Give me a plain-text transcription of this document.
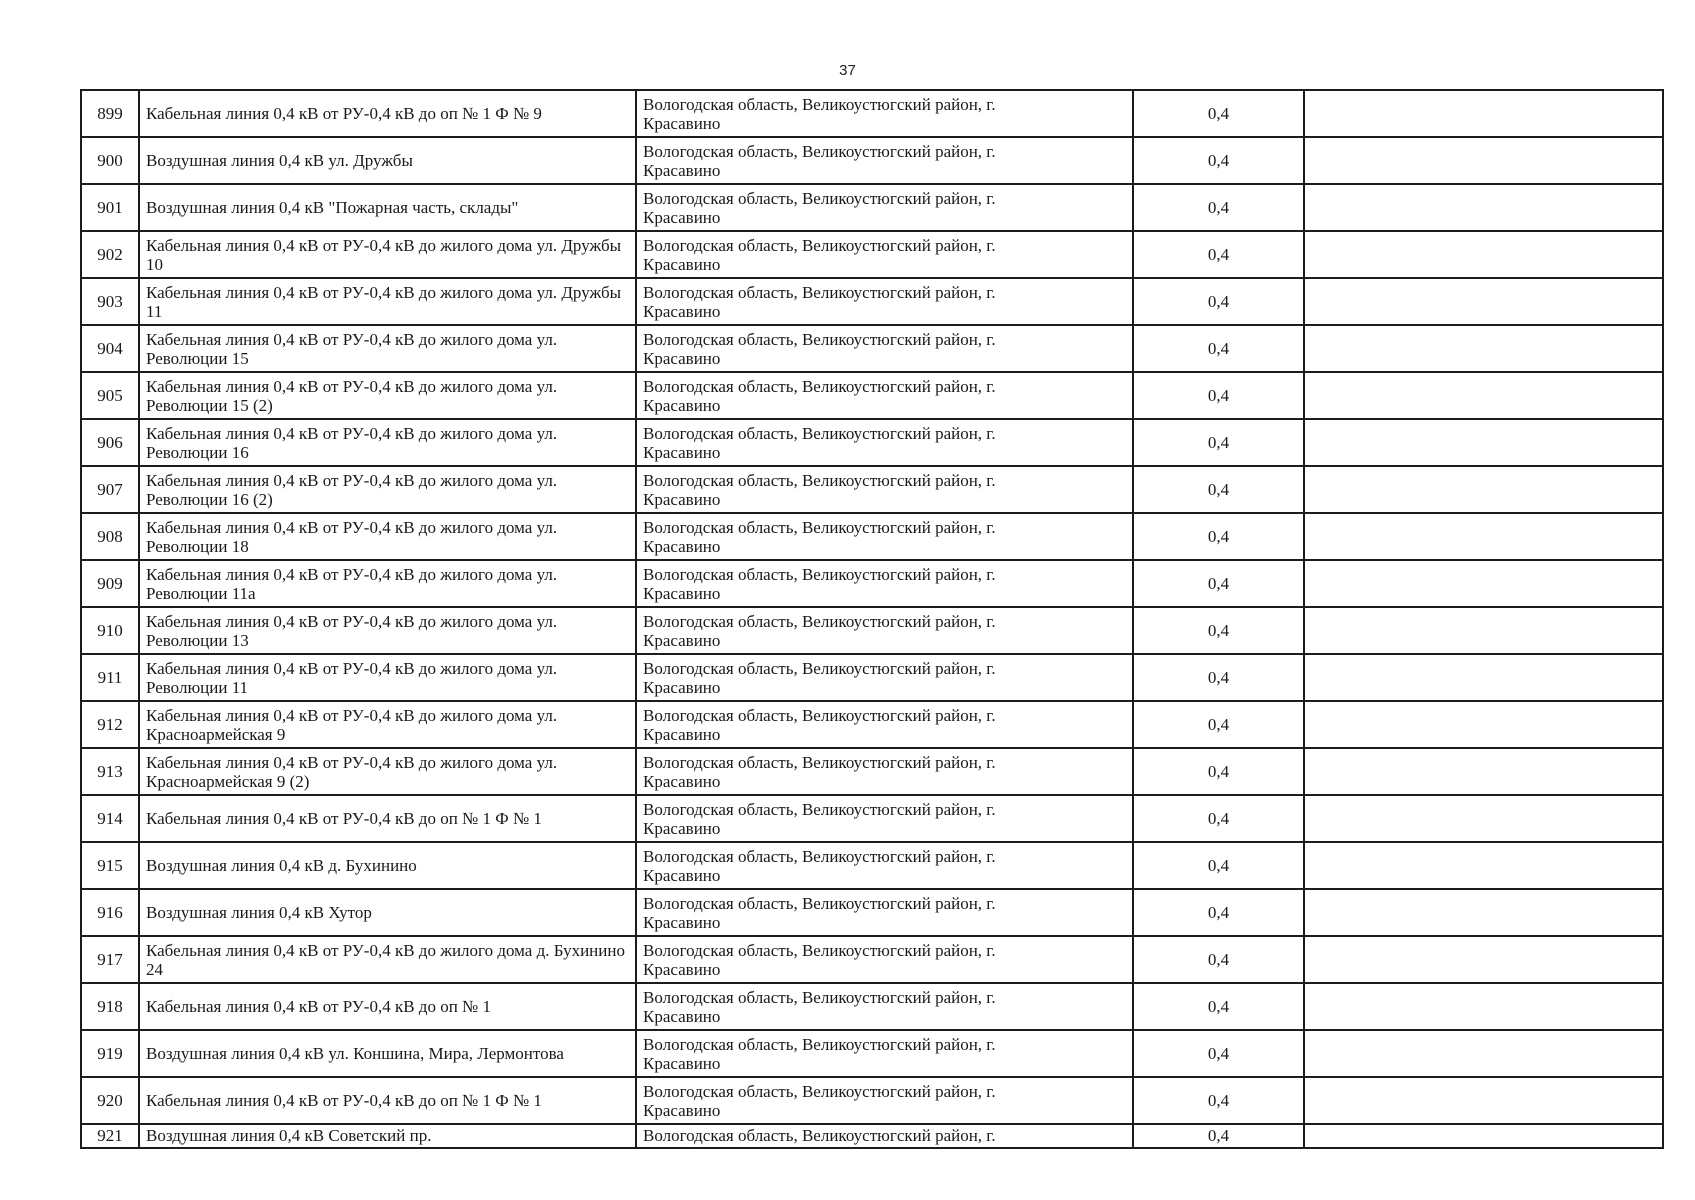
37
899	Кабельная линия 0,4 кВ от РУ-0,4 кВ до оп № 1 Ф № 9	Вологодская область, Великоустюгский район, г.
Красавино	0,4	
900	Воздушная линия 0,4 кВ ул. Дружбы	Вологодская область, Великоустюгский район, г.
Красавино	0,4	
901	Воздушная линия 0,4 кВ "Пожарная часть, склады"	Вологодская область, Великоустюгский район, г.
Красавино	0,4	
902	Кабельная линия 0,4 кВ от РУ-0,4 кВ до жилого дома ул. Дружбы 10	Вологодская область, Великоустюгский район, г.
Красавино	0,4	
903	Кабельная линия 0,4 кВ от РУ-0,4 кВ до жилого дома ул. Дружбы 11	Вологодская область, Великоустюгский район, г.
Красавино	0,4	
904	Кабельная линия 0,4 кВ от РУ-0,4 кВ до жилого дома ул. Революции 15	Вологодская область, Великоустюгский район, г.
Красавино	0,4	
905	Кабельная линия 0,4 кВ от РУ-0,4 кВ до жилого дома ул. Революции 15 (2)	Вологодская область, Великоустюгский район, г.
Красавино	0,4	
906	Кабельная линия 0,4 кВ от РУ-0,4 кВ до жилого дома ул. Революции 16	Вологодская область, Великоустюгский район, г.
Красавино	0,4	
907	Кабельная линия 0,4 кВ от РУ-0,4 кВ до жилого дома ул. Революции 16 (2)	Вологодская область, Великоустюгский район, г.
Красавино	0,4	
908	Кабельная линия 0,4 кВ от РУ-0,4 кВ до жилого дома ул. Революции 18	Вологодская область, Великоустюгский район, г.
Красавино	0,4	
909	Кабельная линия 0,4 кВ от РУ-0,4 кВ до жилого дома ул. Революции 11а	Вологодская область, Великоустюгский район, г.
Красавино	0,4	
910	Кабельная линия 0,4 кВ от РУ-0,4 кВ до жилого дома ул. Революции 13	Вологодская область, Великоустюгский район, г.
Красавино	0,4	
911	Кабельная линия 0,4 кВ от РУ-0,4 кВ до жилого дома ул. Революции 11	Вологодская область, Великоустюгский район, г.
Красавино	0,4	
912	Кабельная линия 0,4 кВ от РУ-0,4 кВ до жилого дома ул. Красноармейская 9	Вологодская область, Великоустюгский район, г.
Красавино	0,4	
913	Кабельная линия 0,4 кВ от РУ-0,4 кВ до жилого дома ул. Красноармейская 9 (2)	Вологодская область, Великоустюгский район, г.
Красавино	0,4	
914	Кабельная линия 0,4 кВ от РУ-0,4 кВ до оп № 1 Ф № 1	Вологодская область, Великоустюгский район, г.
Красавино	0,4	
915	Воздушная линия 0,4 кВ д. Бухинино	Вологодская область, Великоустюгский район, г.
Красавино	0,4	
916	Воздушная линия 0,4 кВ Хутор	Вологодская область, Великоустюгский район, г.
Красавино	0,4	
917	Кабельная линия 0,4 кВ от РУ-0,4 кВ до жилого дома д. Бухинино 24	Вологодская область, Великоустюгский район, г.
Красавино	0,4	
918	Кабельная линия 0,4 кВ от РУ-0,4 кВ до оп № 1	Вологодская область, Великоустюгский район, г.
Красавино	0,4	
919	Воздушная линия 0,4 кВ ул. Коншина, Мира, Лермонтова	Вологодская область, Великоустюгский район, г.
Красавино	0,4	
920	Кабельная линия 0,4 кВ от РУ-0,4 кВ до оп № 1 Ф № 1	Вологодская область, Великоустюгский район, г.
Красавино	0,4	
921	Воздушная линия 0,4 кВ Советский пр.	Вологодская область, Великоустюгский район, г.	0,4	
